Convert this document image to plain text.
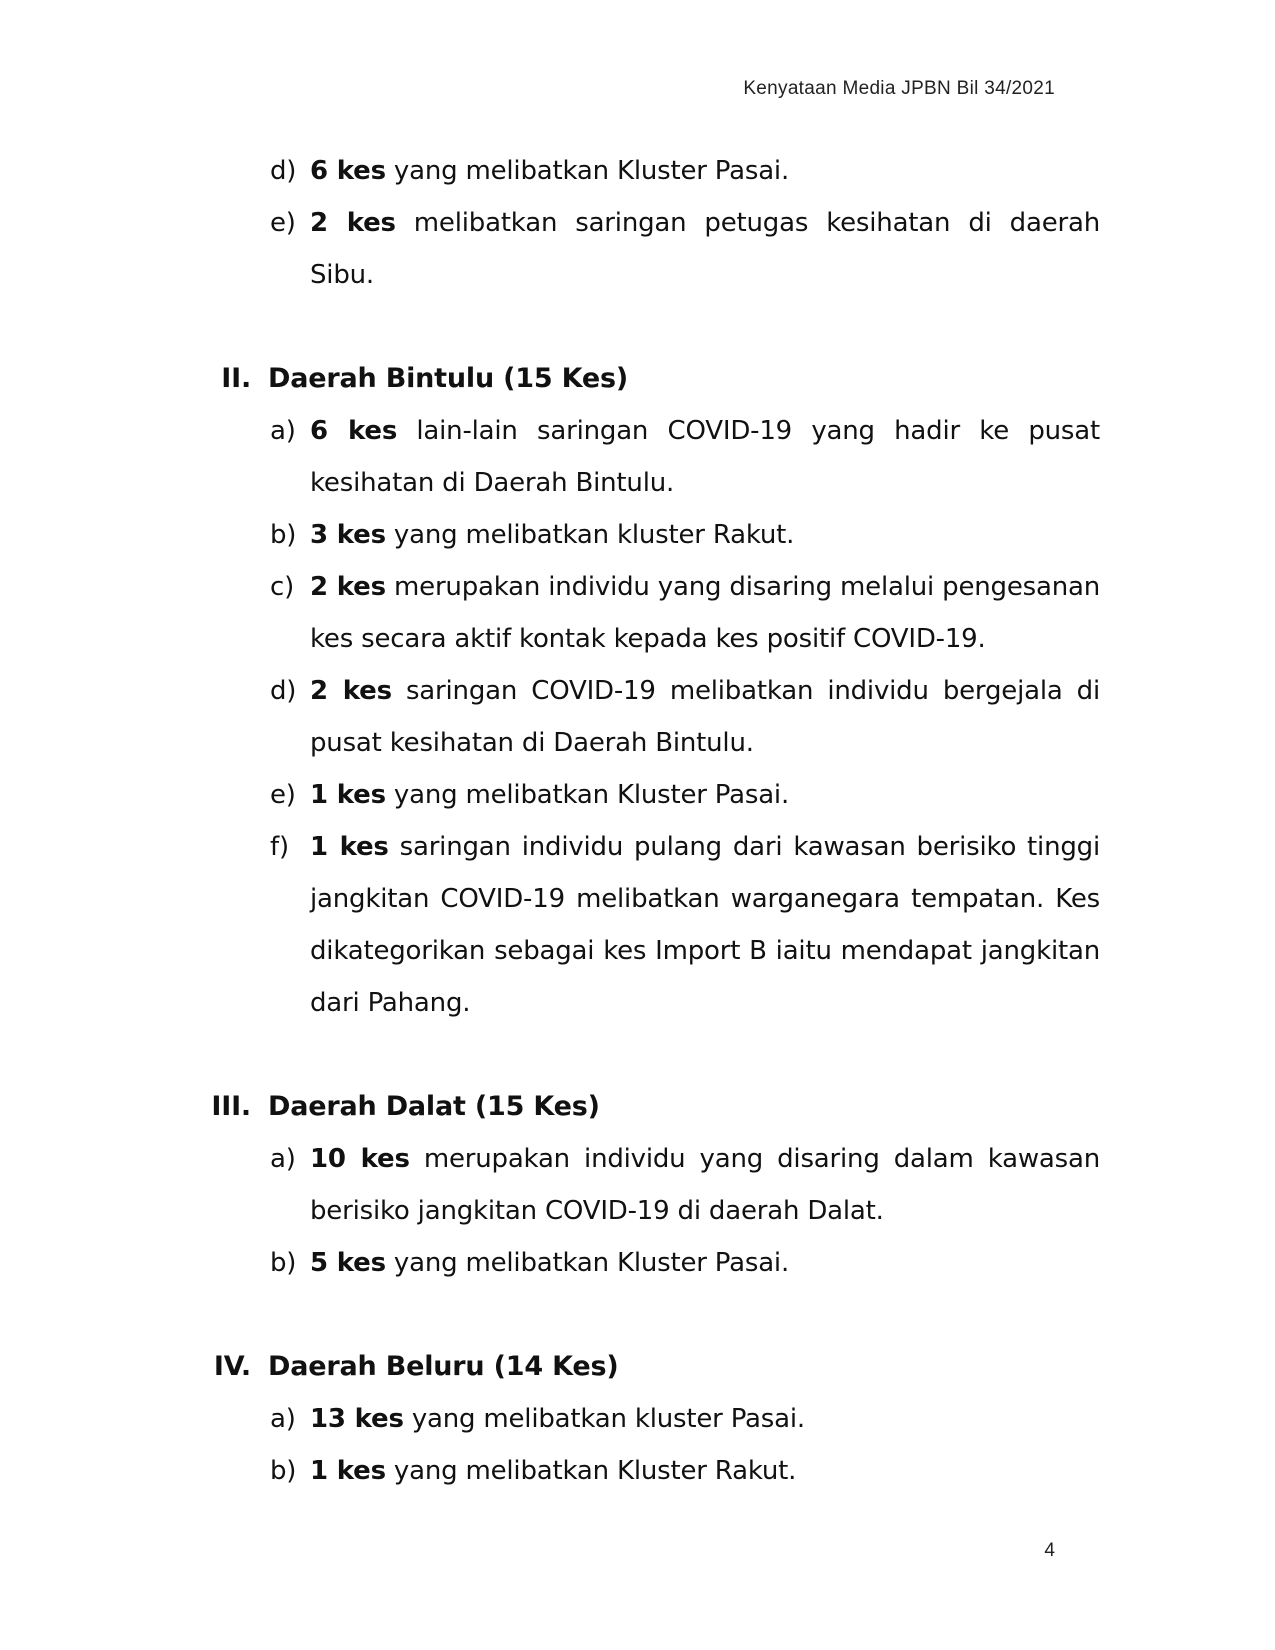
Kenyataan Media JPBN Bil 34/2021
d) 6 kes yang melibatkan Kluster Pasai.
e) 2 kes melibatkan saringan petugas kesihatan di daerah Sibu.
II. Daerah Bintulu (15 Kes)
a) 6 kes lain-lain saringan COVID-19 yang hadir ke pusat kesihatan di Daerah Bintulu.
b) 3 kes yang melibatkan kluster Rakut.
c) 2 kes merupakan individu yang disaring melalui pengesanan kes secara aktif kontak kepada kes positif COVID-19.
d) 2 kes saringan COVID-19 melibatkan individu bergejala di pusat kesihatan di Daerah Bintulu.
e) 1 kes yang melibatkan Kluster Pasai.
f) 1 kes saringan individu pulang dari kawasan berisiko tinggi jangkitan COVID-19 melibatkan warganegara tempatan. Kes dikategorikan sebagai kes Import B iaitu mendapat jangkitan dari Pahang.
III. Daerah Dalat (15 Kes)
a) 10 kes merupakan individu yang disaring dalam kawasan berisiko jangkitan COVID-19 di daerah Dalat.
b) 5 kes yang melibatkan Kluster Pasai.
IV. Daerah Beluru (14 Kes)
a) 13 kes yang melibatkan kluster Pasai.
b) 1 kes yang melibatkan Kluster Rakut.
4
